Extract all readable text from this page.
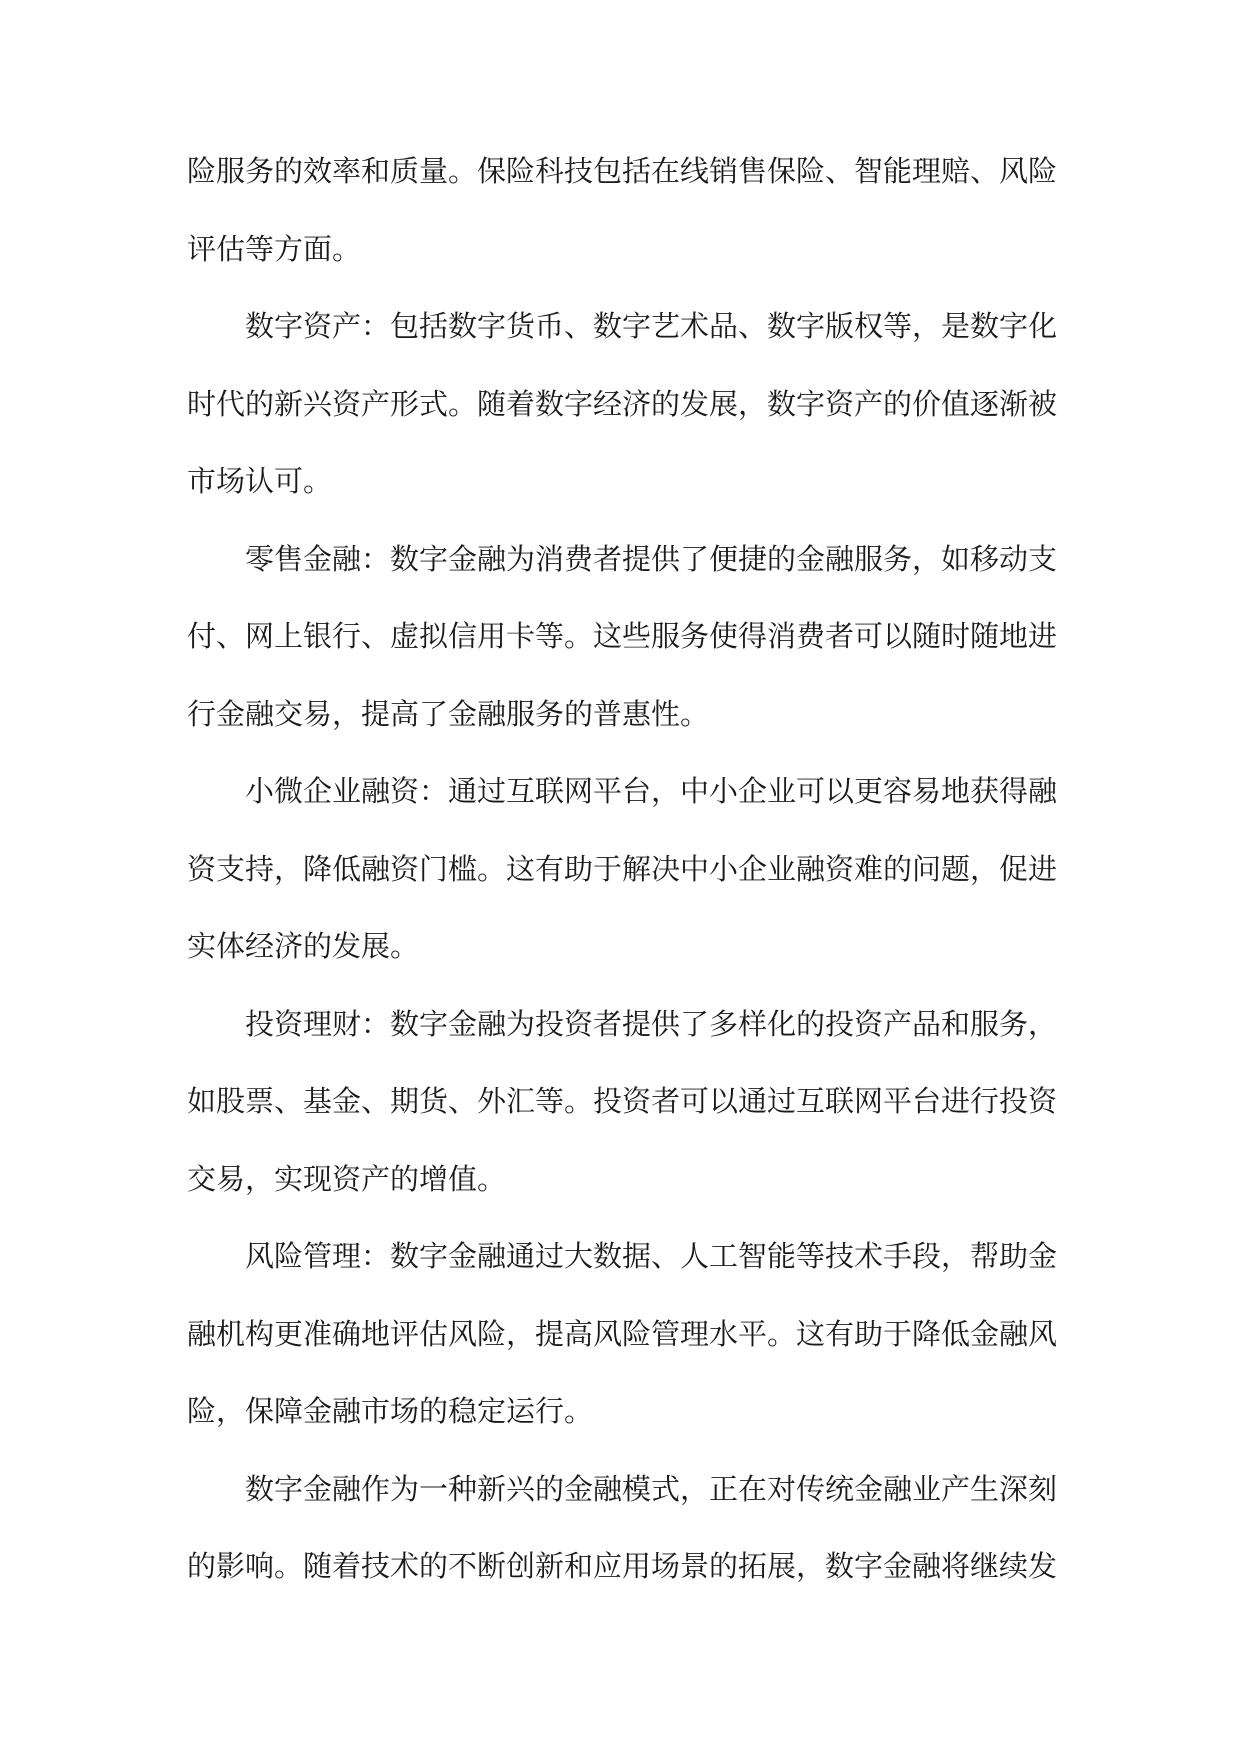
险服务的效率和质量。保险科技包括在线销售保险、智能理赔、风险
评估等方面。
数字资产：包括数字货币、数字艺术品、数字版权等，是数字化
时代的新兴资产形式。随着数字经济的发展，数字资产的价值逐渐被
市场认可。
零售金融：数字金融为消费者提供了便捷的金融服务，如移动支
付、网上银行、虚拟信用卡等。这些服务使得消费者可以随时随地进
行金融交易，提高了金融服务的普惠性。
小微企业融资：通过互联网平台，中小企业可以更容易地获得融
资支持，降低融资门槛。这有助于解决中小企业融资难的问题，促进
实体经济的发展。
投资理财：数字金融为投资者提供了多样化的投资产品和服务，
如股票、基金、期货、外汇等。投资者可以通过互联网平台进行投资
交易，实现资产的增值。
风险管理：数字金融通过大数据、人工智能等技术手段，帮助金
融机构更准确地评估风险，提高风险管理水平。这有助于降低金融风
险，保障金融市场的稳定运行。
数字金融作为一种新兴的金融模式，正在对传统金融业产生深刻
的影响。随着技术的不断创新和应用场景的拓展，数字金融将继续发
